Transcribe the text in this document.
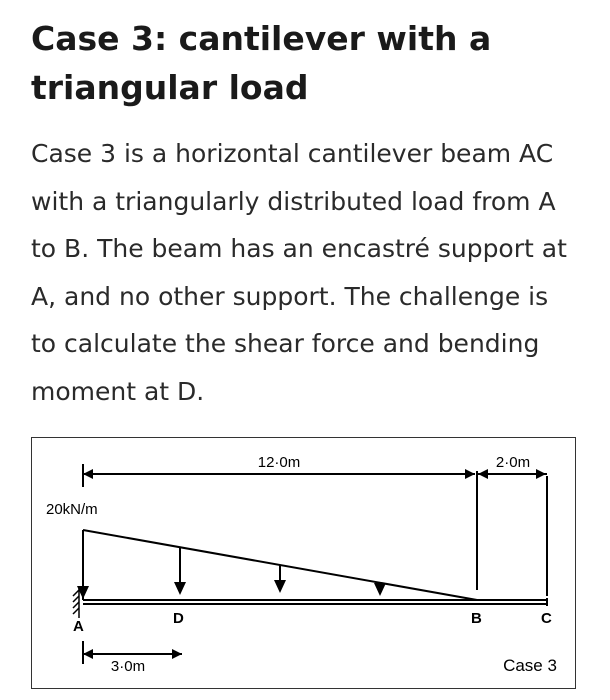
Case 3: cantilever with a
triangular load

Case 3 is a horizontal cantilever beam AC
with a triangularly distributed load from A
to B. The beam has an encastré support at
A, and no other support. The challenge is
to calculate the shear force and bending
moment at D.

12·0m	2·0m
20kN/m
A	D	B	C
3·0m	Case 3
